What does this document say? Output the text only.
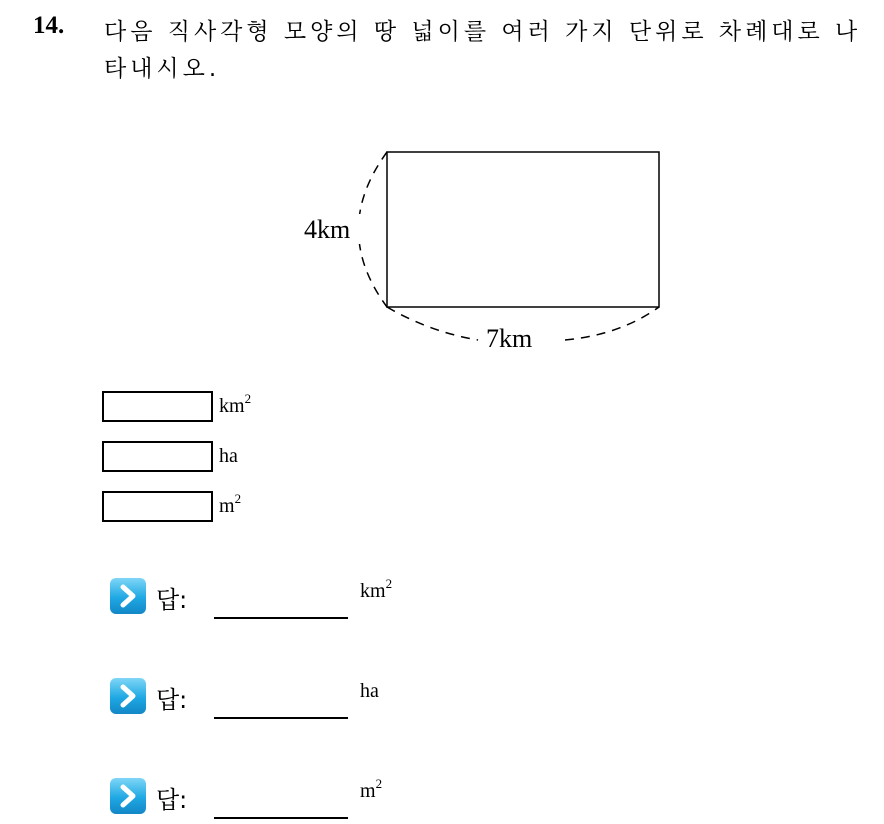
14. 다음 직사각형 모양의 땅 넓이를 여러 가지 단위로 차례대로 나타내시오.
4km
7km
$km^2$
ha
$m^2$
답:	$km^2$
답:	ha
답:	$m^2$
